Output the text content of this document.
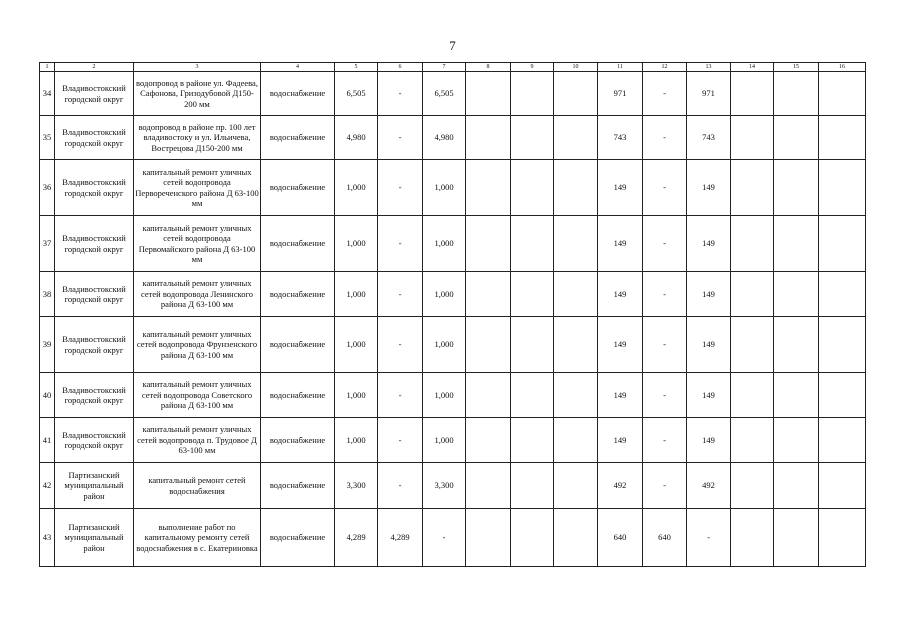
7
1	2	3	4	5	6	7	8	9	10	11	12	13	14	15	16
34	Владивостокский городской округ	водопровод в районе ул. Фадеева, Сафонова, Гризодубовой Д150-200 мм	водоснабжение	6,505	-	6,505				971	-	971			
35	Владивостокский городской округ	водопровод в районе пр. 100 лет владивостоку и ул. Ильичева, Вострецова Д150-200 мм	водоснабжение	4,980	-	4,980				743	-	743			
36	Владивостокский городской округ	капитальный ремонт уличных сетей водопровода Первореченского района Д 63-100 мм	водоснабжение	1,000	-	1,000				149	-	149			
37	Владивостокский городской округ	капитальный ремонт уличных сетей водопровода Первомайского района Д 63-100 мм	водоснабжение	1,000	-	1,000				149	-	149			
38	Владивостокский городской округ	капитальный ремонт уличных сетей водопровода Ленинского района Д 63-100 мм	водоснабжение	1,000	-	1,000				149	-	149			
39	Владивостокский городской округ	капитальный ремонт уличных сетей водопровода Фрунзенского района Д 63-100 мм	водоснабжение	1,000	-	1,000				149	-	149			
40	Владивостокский городской округ	капитальный ремонт уличных сетей водопровода Советского района Д 63-100 мм	водоснабжение	1,000	-	1,000				149	-	149			
41	Владивостокский городской округ	капитальный ремонт уличных сетей водопровода п. Трудовое Д 63-100 мм	водоснабжение	1,000	-	1,000				149	-	149			
42	Партизанский муниципальный район	капитальный ремонт сетей водоснабжения	водоснабжение	3,300	-	3,300				492	-	492			
43	Партизанский муниципальный район	выполнение работ по капитальному ремонту сетей водоснабжения в с. Екатериновка	водоснабжение	4,289	4,289	-				640	640	-			
